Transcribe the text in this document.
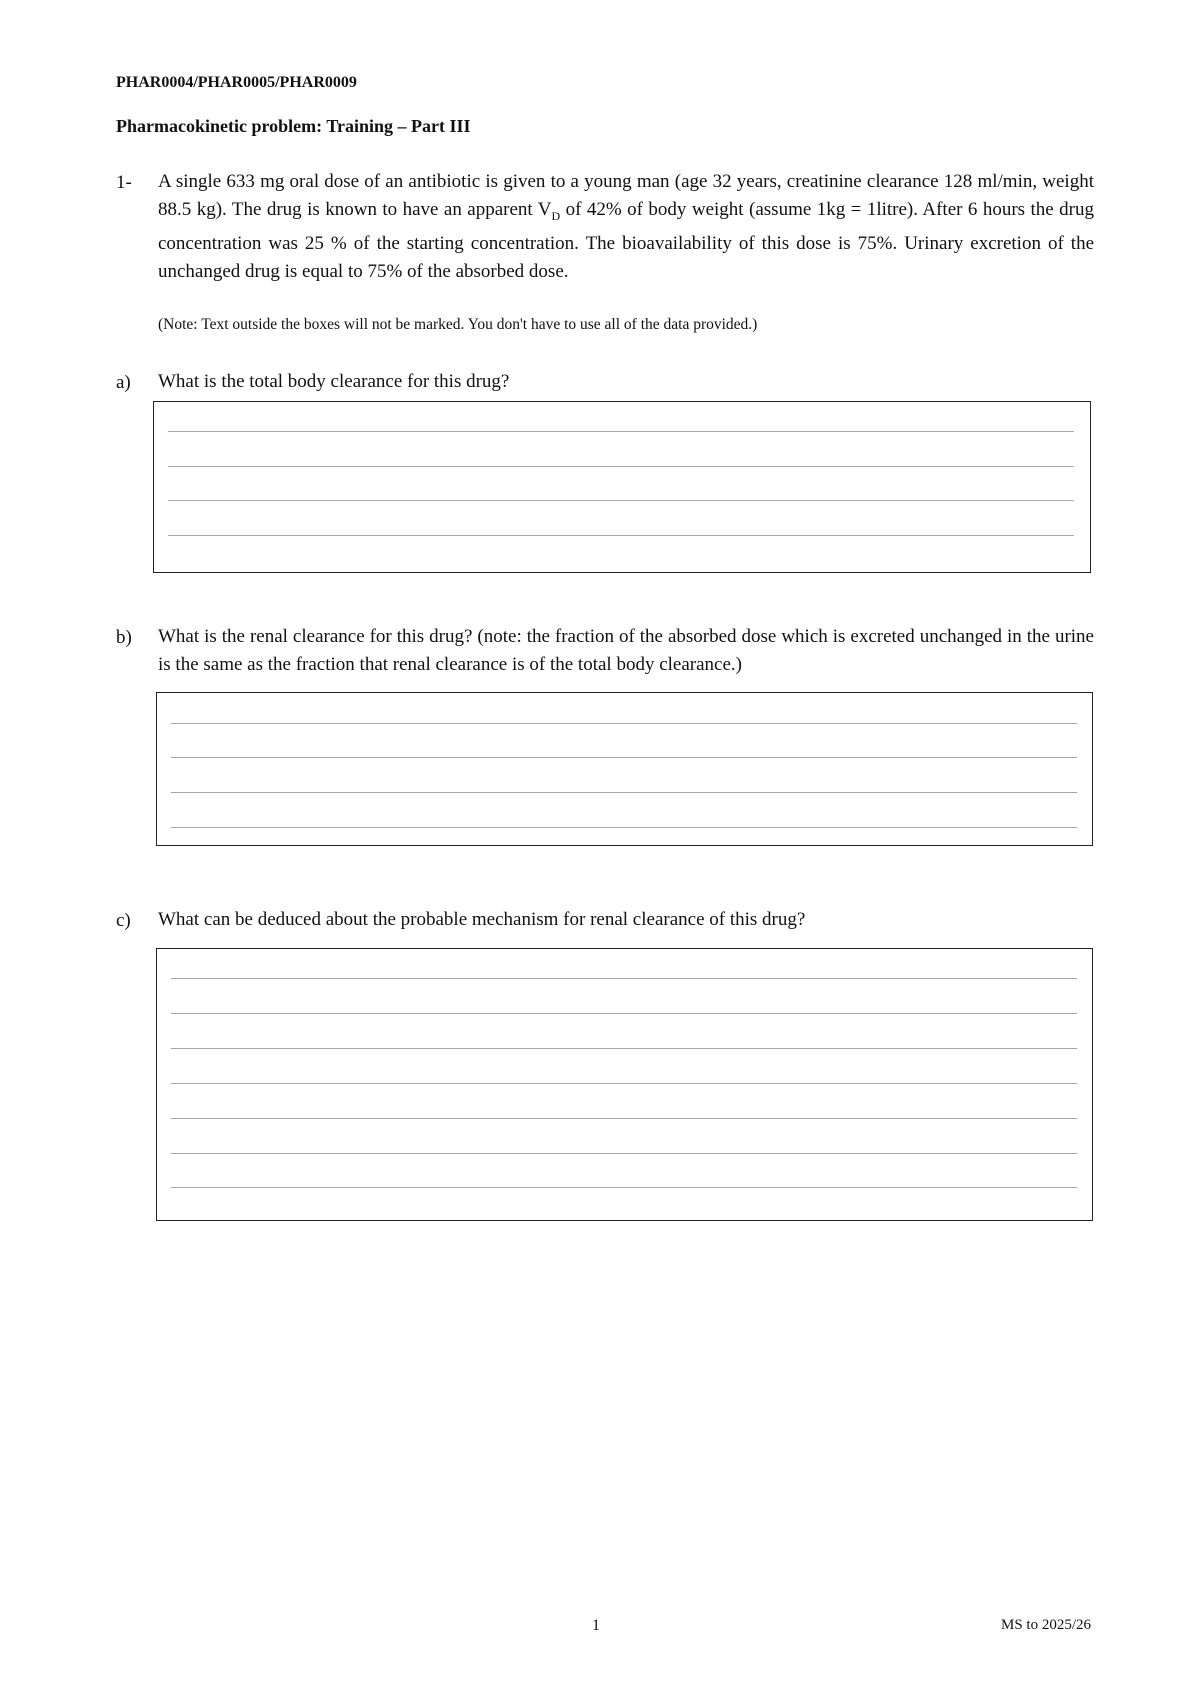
PHAR0004/PHAR0005/PHAR0009
Pharmacokinetic problem: Training – Part III
1- A single 633 mg oral dose of an antibiotic is given to a young man (age 32 years, creatinine clearance 128 ml/min, weight 88.5 kg). The drug is known to have an apparent $V_D$ of 42% of body weight (assume 1kg = 1litre). After 6 hours the drug concentration was 25 % of the starting concentration. The bioavailability of this dose is 75%. Urinary excretion of the unchanged drug is equal to 75% of the absorbed dose.
(Note: Text outside the boxes will not be marked. You don't have to use all of the data provided.)
a) What is the total body clearance for this drug?
b) What is the renal clearance for this drug? (note: the fraction of the absorbed dose which is excreted unchanged in the urine is the same as the fraction that renal clearance is of the total body clearance.)
c) What can be deduced about the probable mechanism for renal clearance of this drug?
1	MS to 2025/26
